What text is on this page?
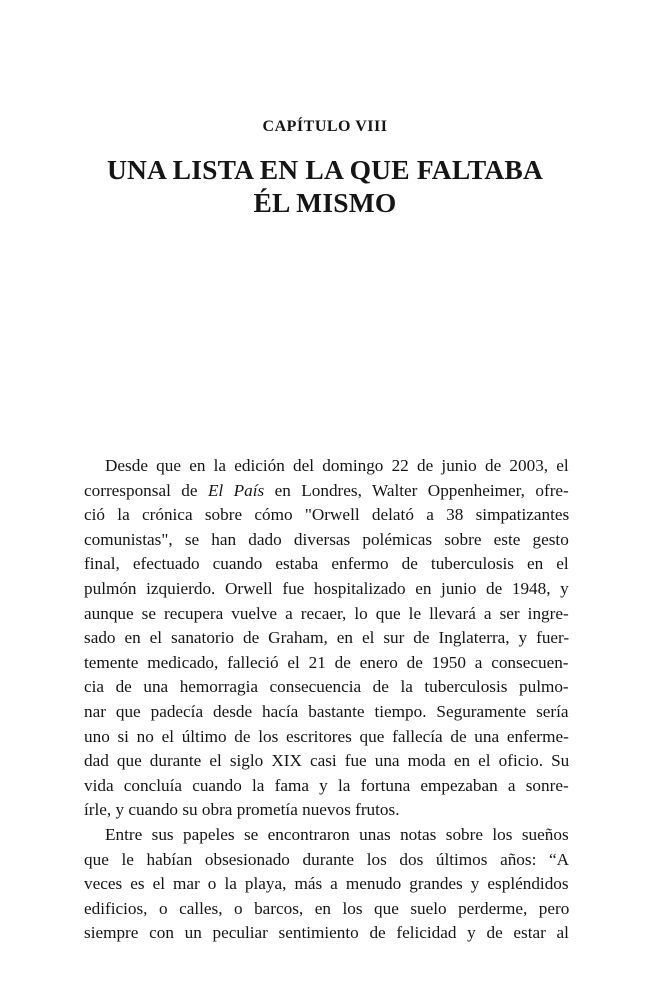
CAPÍTULO VIII
UNA LISTA EN LA QUE FALTABA
ÉL MISMO
Desde que en la edición del domingo 22 de junio de 2003, el
corresponsal de El País en Londres, Walter Oppenheimer, ofre-
ció la crónica sobre cómo "Orwell delató a 38 simpatizantes
comunistas", se han dado diversas polémicas sobre este gesto
final, efectuado cuando estaba enfermo de tuberculosis en el
pulmón izquierdo. Orwell fue hospitalizado en junio de 1948, y
aunque se recupera vuelve a recaer, lo que le llevará a ser ingre-
sado en el sanatorio de Graham, en el sur de Inglaterra, y fuer-
temente medicado, falleció el 21 de enero de 1950 a consecuen-
cia de una hemorragia consecuencia de la tuberculosis pulmo-
nar que padecía desde hacía bastante tiempo. Seguramente sería
uno si no el último de los escritores que fallecía de una enferme-
dad que durante el siglo XIX casi fue una moda en el oficio. Su
vida concluía cuando la fama y la fortuna empezaban a sonre-
írle, y cuando su obra prometía nuevos frutos.
Entre sus papeles se encontraron unas notas sobre los sueños
que le habían obsesionado durante los dos últimos años: “A
veces es el mar o la playa, más a menudo grandes y espléndidos
edificios, o calles, o barcos, en los que suelo perderme, pero
siempre con un peculiar sentimiento de felicidad y de estar al
